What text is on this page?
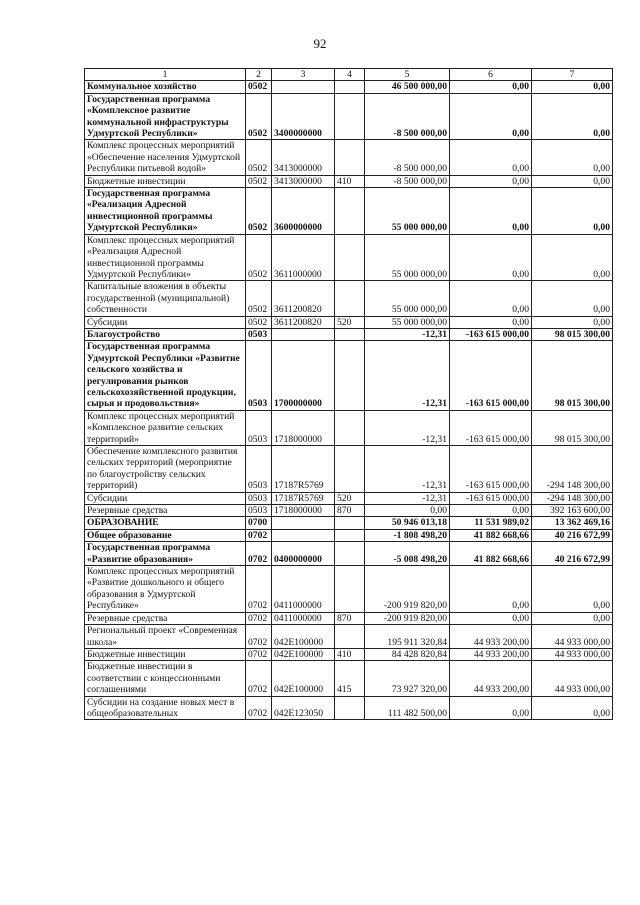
92
1	2	3	4	5	6	7
Коммунальное хозяйство	0502			46 500 000,00	0,00	0,00
Государственная программа «Комплексное развитие коммунальной инфраструктуры Удмуртской Республики»	0502	3400000000		-8 500 000,00	0,00	0,00
Комплекс процессных мероприятий «Обеспечение населения Удмуртской Республики питьевой водой»	0502	3413000000		-8 500 000,00	0,00	0,00
Бюджетные инвестиции	0502	3413000000	410	-8 500 000,00	0,00	0,00
Государственная программа «Реализация Адресной инвестиционной программы Удмуртской Республики»	0502	3600000000		55 000 000,00	0,00	0,00
Комплекс процессных мероприятий «Реализация Адресной инвестиционной программы Удмуртской Республики»	0502	3611000000		55 000 000,00	0,00	0,00
Капитальные вложения в объекты государственной (муниципальной) собственности	0502	3611200820		55 000 000,00	0,00	0,00
Субсидии	0502	3611200820	520	55 000 000,00	0,00	0,00
Благоустройство	0503			-12,31	-163 615 000,00	98 015 300,00
Государственная программа Удмуртской Республики «Развитие сельского хозяйства и регулирования рынков сельскохозяйственной продукции, сырья и продовольствия»	0503	1700000000		-12,31	-163 615 000,00	98 015 300,00
Комплекс процессных мероприятий «Комплексное развитие сельских территорий»	0503	1718000000		-12,31	-163 615 000,00	98 015 300,00
Обеспечение комплексного развития сельских территорий (мероприятие по благоустройству сельских территорий)	0503	17187R5769		-12,31	-163 615 000,00	-294 148 300,00
Субсидии	0503	17187R5769	520	-12,31	-163 615 000,00	-294 148 300,00
Резервные средства	0503	1718000000	870	0,00	0,00	392 163 600,00
ОБРАЗОВАНИЕ	0700			50 946 013,18	11 531 989,02	13 362 469,16
Общее образование	0702			-1 808 498,20	41 882 668,66	40 216 672,99
Государственная программа «Развитие образования»	0702	0400000000		-5 008 498,20	41 882 668,66	40 216 672,99
Комплекс процессных мероприятий «Развитие дошкольного и общего образования в Удмуртской Республике»	0702	0411000000		-200 919 820,00	0,00	0,00
Резервные средства	0702	0411000000	870	-200 919 820,00	0,00	0,00
Региональный проект «Современная школа»	0702	042E100000		195 911 320,84	44 933 200,00	44 933 000,00
Бюджетные инвестиции	0702	042E100000	410	84 428 820,84	44 933 200,00	44 933 000,00
Бюджетные инвестиции в соответствии с концессионными соглашениями	0702	042E100000	415	73 927 320,00	44 933 200,00	44 933 000,00
Субсидии на создание новых мест в общеобразовательных	0702	042E123050		111 482 500,00	0,00	0,00
